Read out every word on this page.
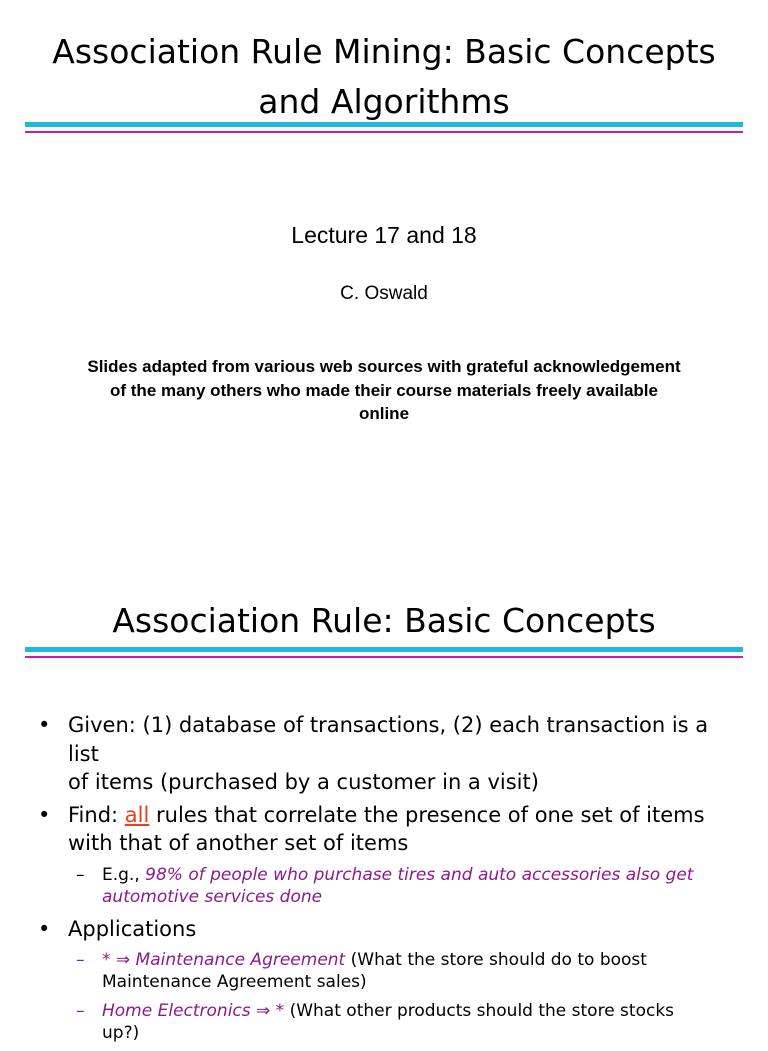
Association Rule Mining: Basic Concepts
and Algorithms
Lecture 17 and 18
C. Oswald
Slides adapted from various web sources with grateful acknowledgement
of the many others who made their course materials freely available
online
Association Rule: Basic Concepts
• Given: (1) database of transactions, (2) each transaction is a list
of items (purchased by a customer in a visit)
• Find: all rules that correlate the presence of one set of items
with that of another set of items
– E.g., 98% of people who purchase tires and auto accessories also get
automotive services done
• Applications
– * ⇒ Maintenance Agreement (What the store should do to boost
Maintenance Agreement sales)
– Home Electronics ⇒ * (What other products should the store stocks
up?)
